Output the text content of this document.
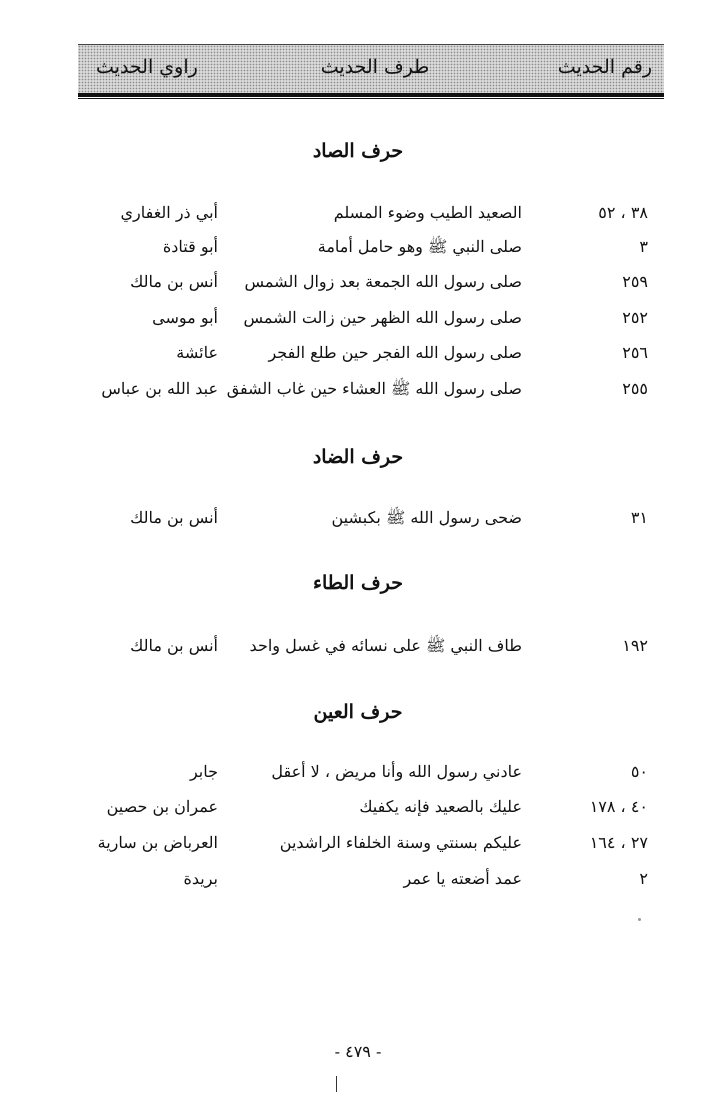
رقم الحديث
طرف الحديث
راوي الحديث
حرف الصاد
٣٨ ، ٥٢
الصعيد الطيب وضوء المسلم
أبي ذر الغفاري
٣
صلى النبي ﷺ وهو حامل أمامة
أبو قتادة
٢٥٩
صلى رسول الله الجمعة بعد زوال الشمس
أنس بن مالك
٢٥٢
صلى رسول الله الظهر حين زالت الشمس
أبو موسى
٢٥٦
صلى رسول الله الفجر حين طلع الفجر
عائشة
٢٥٥
صلى رسول الله ﷺ العشاء حين غاب الشفق
عبد الله بن عباس
حرف الضاد
٣١
ضحى رسول الله ﷺ بكبشين
أنس بن مالك
حرف الطاء
١٩٢
طاف النبي ﷺ على نسائه في غسل واحد
أنس بن مالك
حرف العين
٥٠
عادني رسول الله وأنا مريض ، لا أعقل
جابر
٤٠ ، ١٧٨
عليك بالصعيد فإنه يكفيك
عمران بن حصين
٢٧ ، ١٦٤
عليكم بسنتي وسنة الخلفاء الراشدين
العرباض بن سارية
٢
عمد أضعته يا عمر
بريدة
- ٤٧٩ -
